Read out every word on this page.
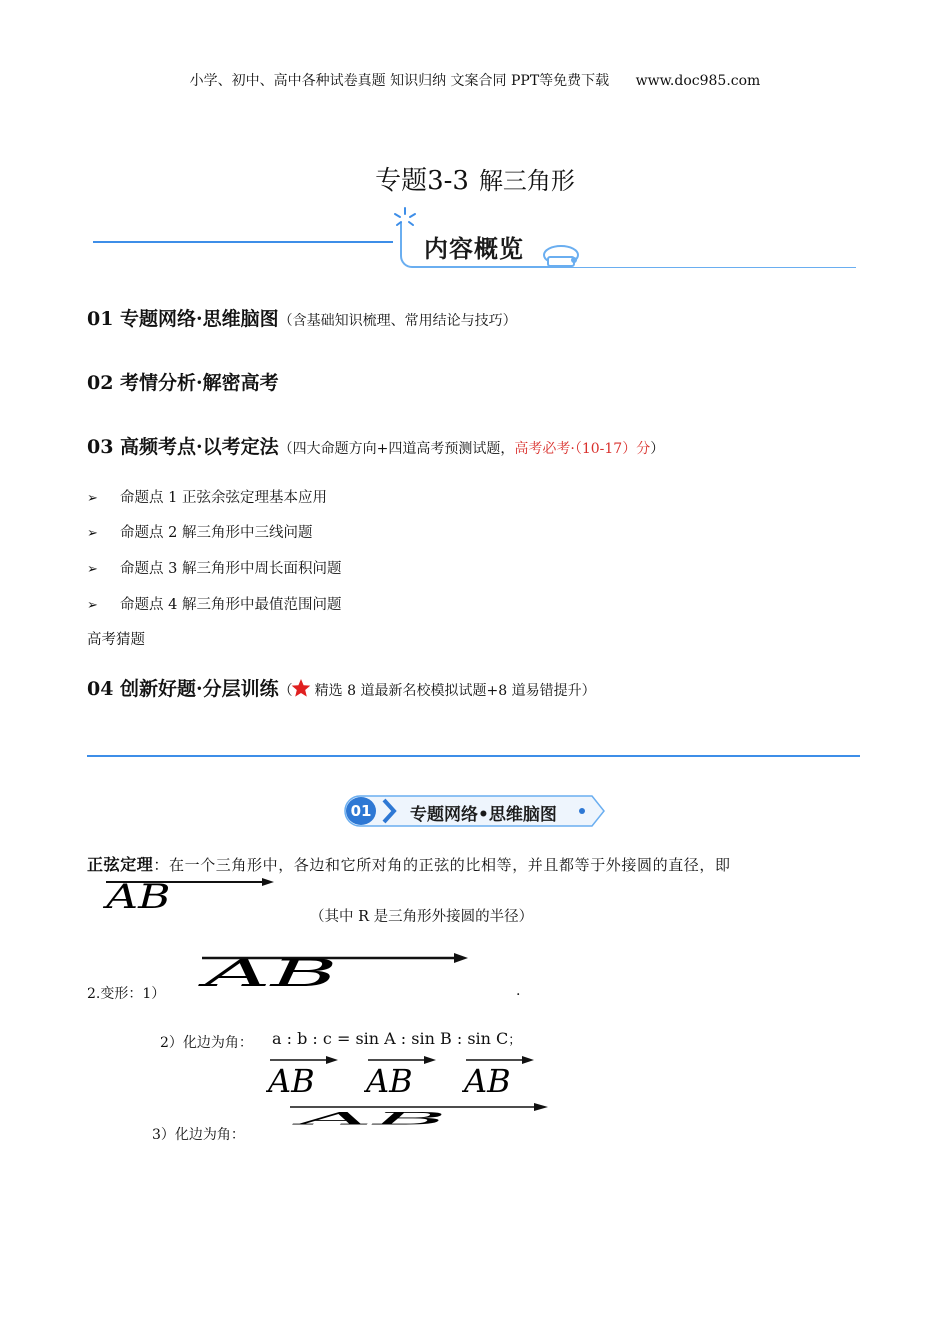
小学、初中、高中各种试卷真题 知识归纳 文案合同 PPT等免费下载 www.doc985.com
专题3-3 解三角形
内容概览
01 专题网络·思维脑图（含基础知识梳理、常用结论与技巧）
02 考情分析·解密高考
03 高频考点·以考定法（四大命题方向+四道高考预测试题，高考必考·（10-17）分）
➢ 命题点 1 正弦余弦定理基本应用
➢ 命题点 2 解三角形中三线问题
➢ 命题点 3 解三角形中周长面积问题
➢ 命题点 4 解三角形中最值范围问题
高考猜题
04 创新好题·分层训练（ 精选 8 道最新名校模拟试题+8 道易错提升）
01 专题网络•思维脑图
正弦定理：在一个三角形中，各边和它所对角的正弦的比相等，并且都等于外接圆的直径，即
AB
（其中 R 是三角形外接圆的半径）
2.变形：1） AB	.
2）化边为角： a : b : c = sin A : sin B : sin C；
AB AB AB
3）化边为角：
AB
